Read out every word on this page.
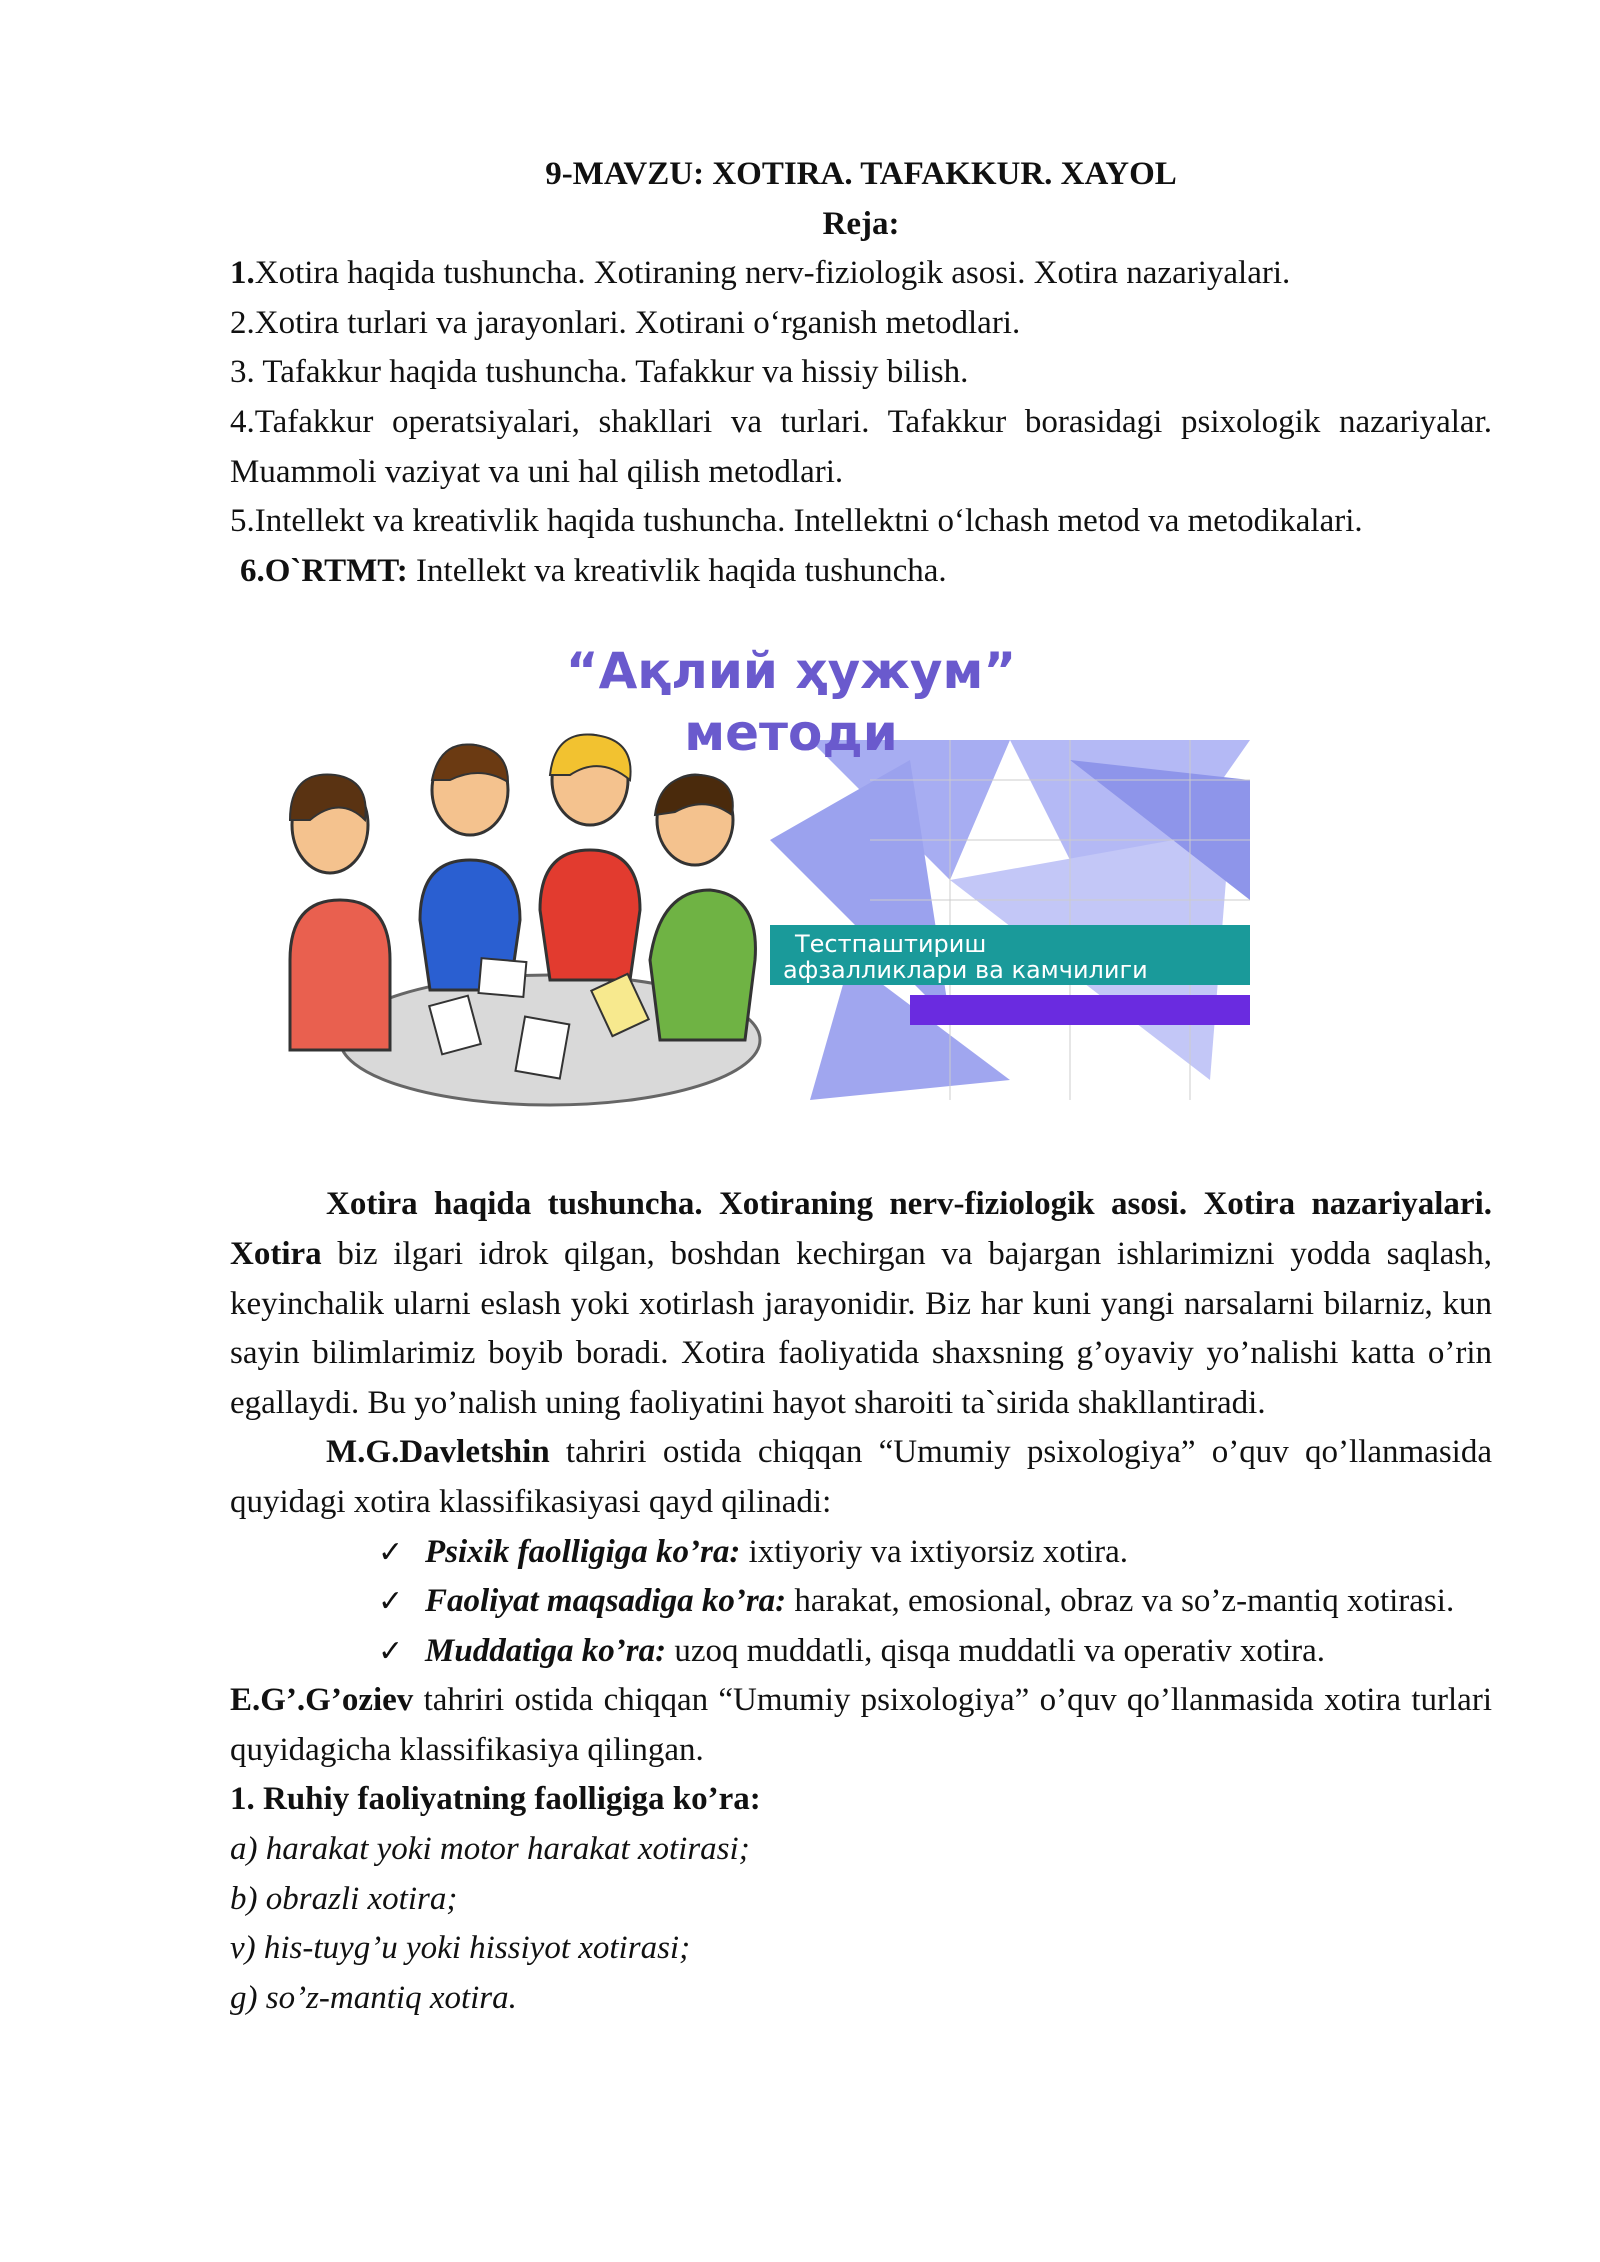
9-MAVZU: XOTIRA. TAFAKKUR. XAYOL

Reja:

1.Xotira haqida tushuncha. Xotiraning nerv-fiziologik asosi. Xotira nazariyalari.

2.Xotira turlari va jarayonlari. Xotirani o‘rganish metodlari.

3. Tafakkur haqida tushuncha. Tafakkur va hissiy bilish.

4.Tafakkur operatsiyalari, shakllari va turlari. Tafakkur borasidagi psixologik nazariyalar. Muammoli vaziyat va uni hal qilish metodlari.

5.Intellekt va kreativlik haqida tushuncha. Intellektni o‘lchash metod va metodikalari.

6.O`RTMT: Intellekt va kreativlik haqida tushuncha.

Тестпаштириш
афзалликлари ва камчилиги
“Ақлий ҳужум”
методи

Xotira haqida tushuncha. Xotiraning nerv-fiziologik asosi. Xotira nazariyalari. Xotira biz ilgari idrok qilgan, boshdan kechirgan va bajargan ishlarimizni yodda saqlash, keyinchalik ularni eslash yoki xotirlash jarayonidir. Biz har kuni yangi narsalarni bilarniz, kun sayin bilimlarimiz boyib boradi. Xotira faoliyatida shaxsning g’oyaviy yo’nalishi katta o’rin egallaydi. Bu yo’nalish uning faoliyatini hayot sharoiti ta`sirida shakllantiradi.

M.G.Davletshin tahriri ostida chiqqan “Umumiy psixologiya” o’quv qo’llanmasida quyidagi xotira klassifikasiyasi qayd qilinadi:

✓ Psixik faolligiga ko’ra: ixtiyoriy va ixtiyorsiz xotira.
✓ Faoliyat maqsadiga ko’ra: harakat, emosional, obraz va so’z-mantiq xotirasi.
✓ Muddatiga ko’ra: uzoq muddatli, qisqa muddatli va operativ xotira.

E.G’.G’oziev tahriri ostida chiqqan “Umumiy psixologiya” o’quv qo’llanmasida xotira turlari quyidagicha klassifikasiya qilingan.

1. Ruhiy faoliyatning faolligiga ko’ra:

a) harakat yoki motor harakat xotirasi;

b) obrazli xotira;

v) his-tuyg’u yoki hissiyot xotirasi;

g) so’z-mantiq xotira.
